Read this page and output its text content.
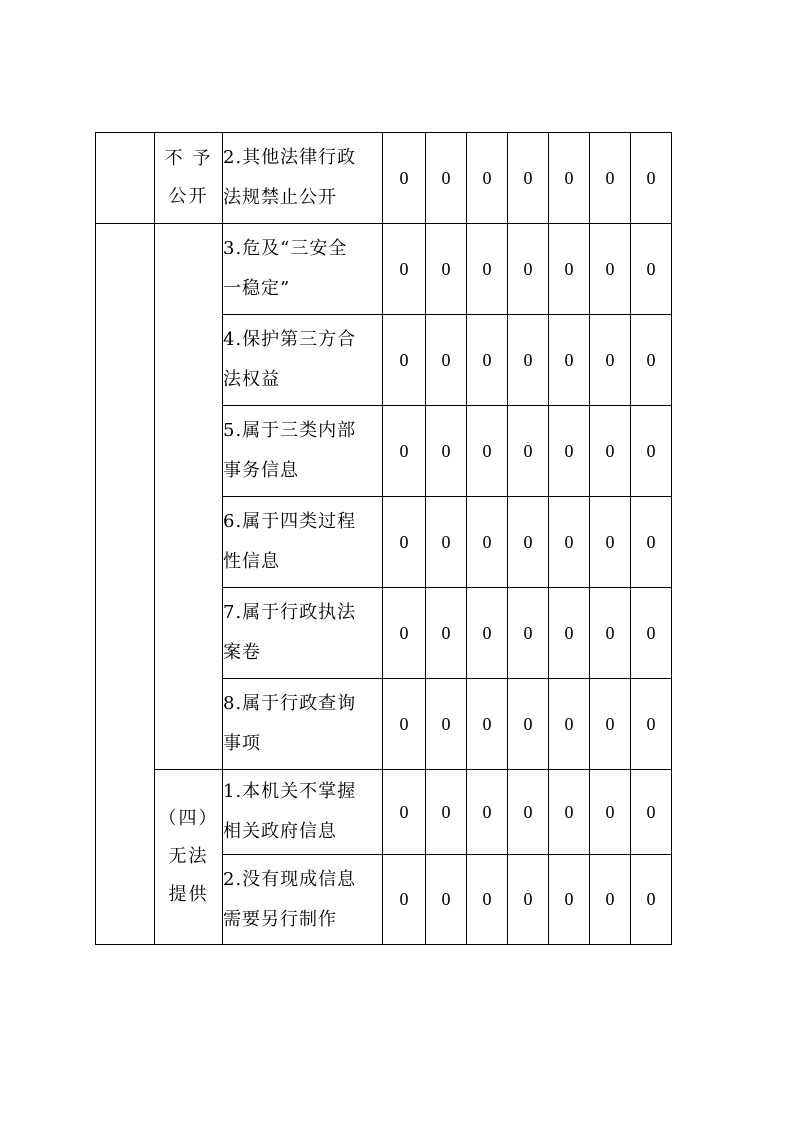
	不 予
公开	2.其他法律行政
法规禁止公开	0	0	0	0	0	0	0

		3.危及“三安全
一稳定”	0	0	0	0	0	0	0

		4.保护第三方合
法权益	0	0	0	0	0	0	0

		5.属于三类内部
事务信息	0	0	0	0	0	0	0

		6.属于四类过程
性信息	0	0	0	0	0	0	0

		7.属于行政执法
案卷	0	0	0	0	0	0	0

		8.属于行政查询
事项	0	0	0	0	0	0	0

	（四）
无法
提供	1.本机关不掌握
相关政府信息	0	0	0	0	0	0	0

		2.没有现成信息
需要另行制作	0	0	0	0	0	0	0
